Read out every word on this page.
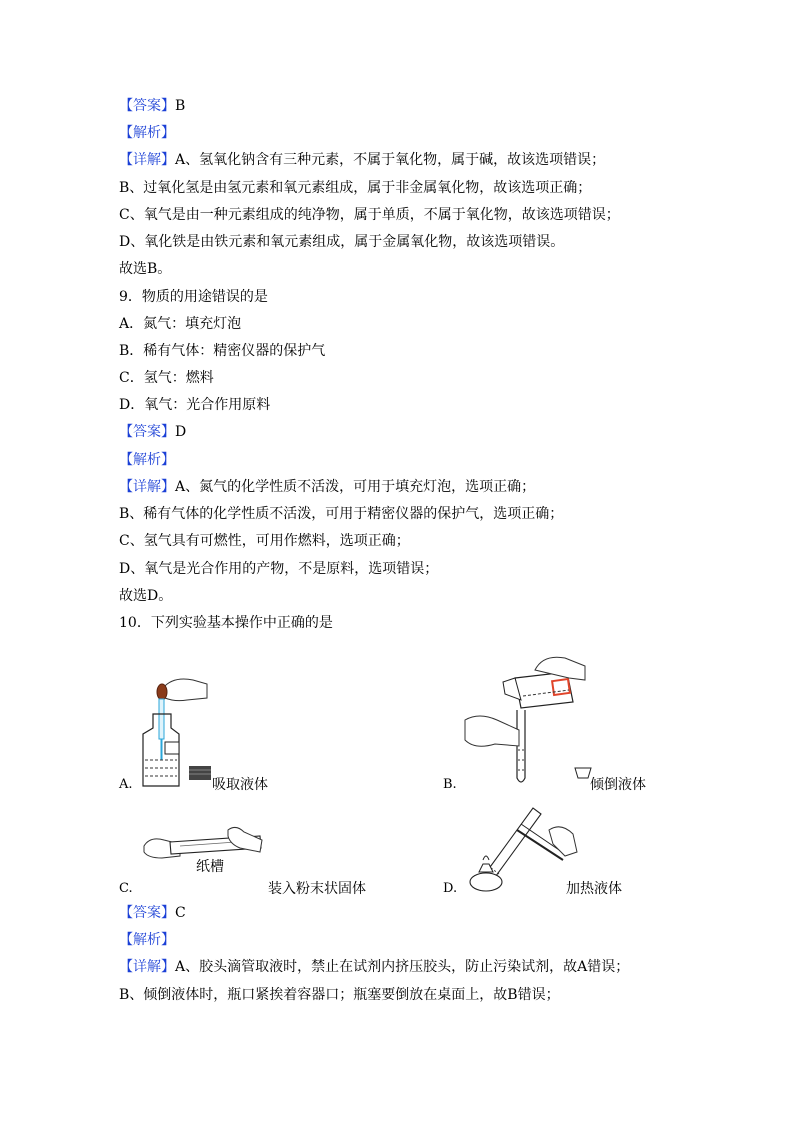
【答案】B
【解析】
【详解】A、氢氧化钠含有三种元素，不属于氧化物，属于碱，故该选项错误；
B、过氧化氢是由氢元素和氧元素组成，属于非金属氧化物，故该选项正确；
C、氧气是由一种元素组成的纯净物，属于单质，不属于氧化物，故该选项错误；
D、氧化铁是由铁元素和氧元素组成，属于金属氧化物，故该选项错误。
故选B。
9．物质的用途错误的是
A．氮气：填充灯泡
B．稀有气体：精密仪器的保护气
C．氢气：燃料
D．氧气：光合作用原料
【答案】D
【解析】
【详解】A、氮气的化学性质不活泼，可用于填充灯泡，选项正确；
B、稀有气体的化学性质不活泼，可用于精密仪器的保护气，选项正确；
C、氢气具有可燃性，可用作燃料，选项正确；
D、氧气是光合作用的产物，不是原料，选项错误；
故选D。
10．下列实验基本操作中正确的是
A.	吸取液体	B.	倾倒液体
纸槽
C.	装入粉末状固体	D.	加热液体
【答案】C
【解析】
【详解】A、胶头滴管取液时，禁止在试剂内挤压胶头，防止污染试剂，故A错误；
B、倾倒液体时，瓶口紧挨着容器口；瓶塞要倒放在桌面上，故B错误；
